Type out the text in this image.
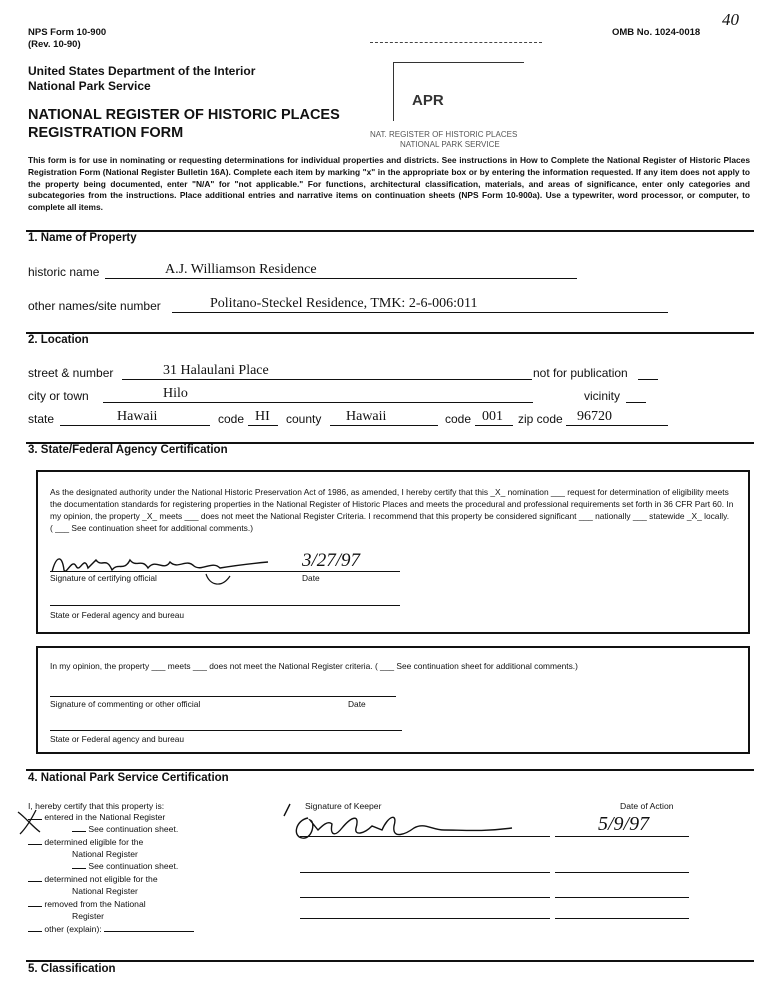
NPS Form 10-900
(Rev. 10-90)
OMB No. 1024-0018
40
United States Department of the Interior
National Park Service
NATIONAL REGISTER OF HISTORIC PLACES
REGISTRATION FORM
APR
NAT. REGISTER OF HISTORIC PLACES
NATIONAL PARK SERVICE
This form is for use in nominating or requesting determinations for individual properties and districts. See instructions in How to Complete the National Register of Historic Places Registration Form (National Register Bulletin 16A). Complete each item by marking "x" in the appropriate box or by entering the information requested. If any item does not apply to the property being documented, enter "N/A" for "not applicable." For functions, architectural classification, materials, and areas of significance, enter only categories and subcategories from the instructions. Place additional entries and narrative items on continuation sheets (NPS Form 10-900a). Use a typewriter, word processor, or computer, to complete all items.
1. Name of Property
historic name	A.J. Williamson Residence
other names/site number	Politano-Steckel Residence, TMK: 2-6-006:011
2. Location
street & number	31 Halaulani Place	not for publication
city or town	Hilo	vicinity
state	Hawaii	code HI county Hawaii	code 001 zip code 96720
3. State/Federal Agency Certification
As the designated authority under the National Historic Preservation Act of 1986, as amended, I hereby certify that this _X_ nomination ___ request for determination of eligibility meets the documentation standards for registering properties in the National Register of Historic Places and meets the procedural and professional requirements set forth in 36 CFR Part 60. In my opinion, the property _X_ meets ___ does not meet the National Register Criteria. I recommend that this property be considered significant ___ nationally ___ statewide _X_ locally. ( ___ See continuation sheet for additional comments.)
3/27/97
Signature of certifying official	Date
State or Federal agency and bureau
In my opinion, the property ___ meets ___ does not meet the National Register criteria. ( ___ See continuation sheet for additional comments.)
Signature of commenting or other official	Date
State or Federal agency and bureau
4. National Park Service Certification
I, hereby certify that this property is:
entered in the National Register
See continuation sheet.
determined eligible for the
National Register
See continuation sheet.
determined not eligible for the
National Register
removed from the National
Register
other (explain):
Signature of Keeper	Date of Action
5/9/97
5. Classification
